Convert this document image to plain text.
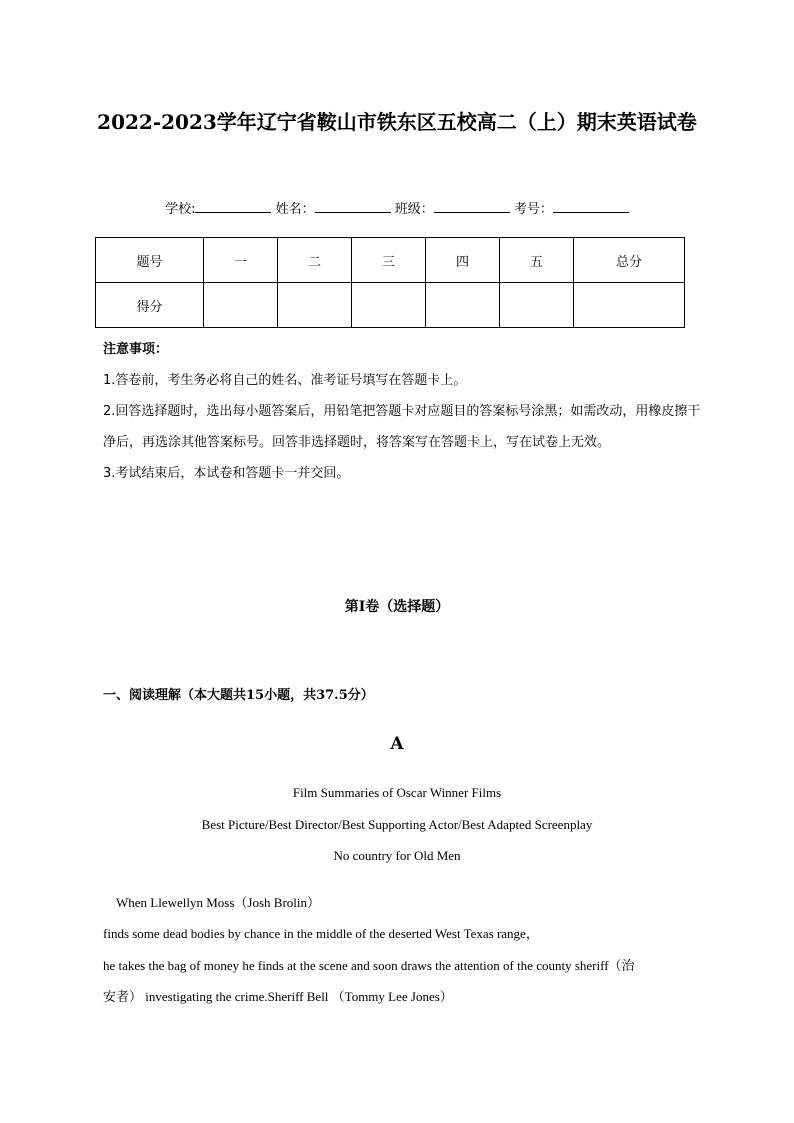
2022-2023学年辽宁省鞍山市铁东区五校高二（上）期末英语试卷
学校:	姓名：	班级：	考号：
题号	一	二	三	四	五	总分
得分						
注意事项：
1.答卷前，考生务必将自己的姓名、准考证号填写在答题卡上。
2.回答选择题时，选出每小题答案后，用铅笔把答题卡对应题目的答案标号涂黑；如需改动，用橡皮擦干净后，再选涂其他答案标号。回答非选择题时，将答案写在答题卡上，写在试卷上无效。
3.考试结束后，本试卷和答题卡一并交回。
第Ⅰ卷（选择题）
一、阅读理解（本大题共15小题，共37.5分）
A
Film Summaries of Oscar Winner Films
Best Picture/Best Director/Best Supporting Actor/Best Adapted Screenplay
No country for Old Men
When Llewellyn Moss（Josh Brolin）
finds some dead bodies by chance in the middle of the deserted West Texas range，
he takes the bag of money he finds at the scene and soon draws the attention of the county sheriff（治
安者） investigating the crime.Sheriff Bell （Tommy Lee Jones）
